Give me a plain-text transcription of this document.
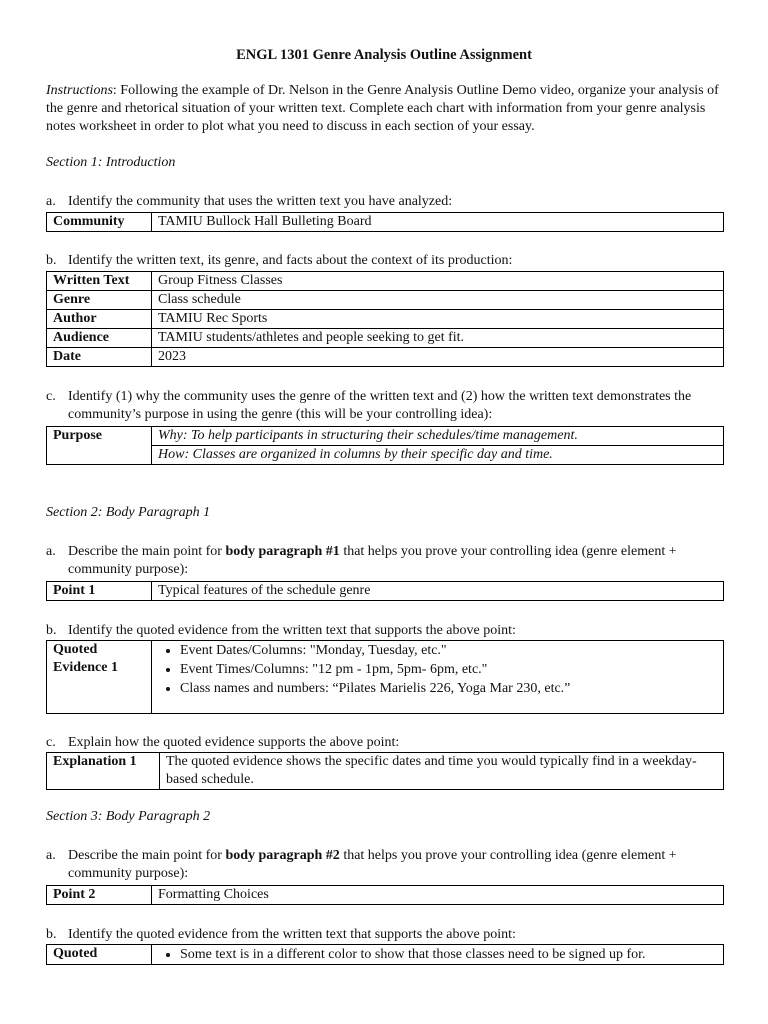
ENGL 1301 Genre Analysis Outline Assignment
Instructions: Following the example of Dr. Nelson in the Genre Analysis Outline Demo video, organize your analysis of the genre and rhetorical situation of your written text. Complete each chart with information from your genre analysis notes worksheet in order to plot what you need to discuss in each section of your essay.
Section 1: Introduction
a. Identify the community that uses the written text you have analyzed:
Community	TAMIU Bullock Hall Bulleting Board
b. Identify the written text, its genre, and facts about the context of its production:
Written Text	Group Fitness Classes
Genre	Class schedule
Author	TAMIU Rec Sports
Audience	TAMIU students/athletes and people seeking to get fit.
Date	2023
c. Identify (1) why the community uses the genre of the written text and (2) how the written text demonstrates the community’s purpose in using the genre (this will be your controlling idea):
Purpose	Why: To help participants in structuring their schedules/time management.
How: Classes are organized in columns by their specific day and time.
Section 2: Body Paragraph 1
a. Describe the main point for body paragraph #1 that helps you prove your controlling idea (genre element + community purpose):
Point 1	Typical features of the schedule genre
b. Identify the quoted evidence from the written text that supports the above point:
Quoted
Evidence 1

• Event Dates/Columns: "Monday, Tuesday, etc."
• Event Times/Columns: "12 pm - 1pm, 5pm- 6pm, etc."
• Class names and numbers: “Pilates Marielis 226, Yoga Mar 230, etc.”
c. Explain how the quoted evidence supports the above point:
Explanation 1	The quoted evidence shows the specific dates and time you would typically find in a weekday-based schedule.
Section 3: Body Paragraph 2
a. Describe the main point for body paragraph #2 that helps you prove your controlling idea (genre element + community purpose):
Point 2	Formatting Choices
b. Identify the quoted evidence from the written text that supports the above point:
Quoted	
•Some text is in a different color to show that those classes need to be signed up for.
